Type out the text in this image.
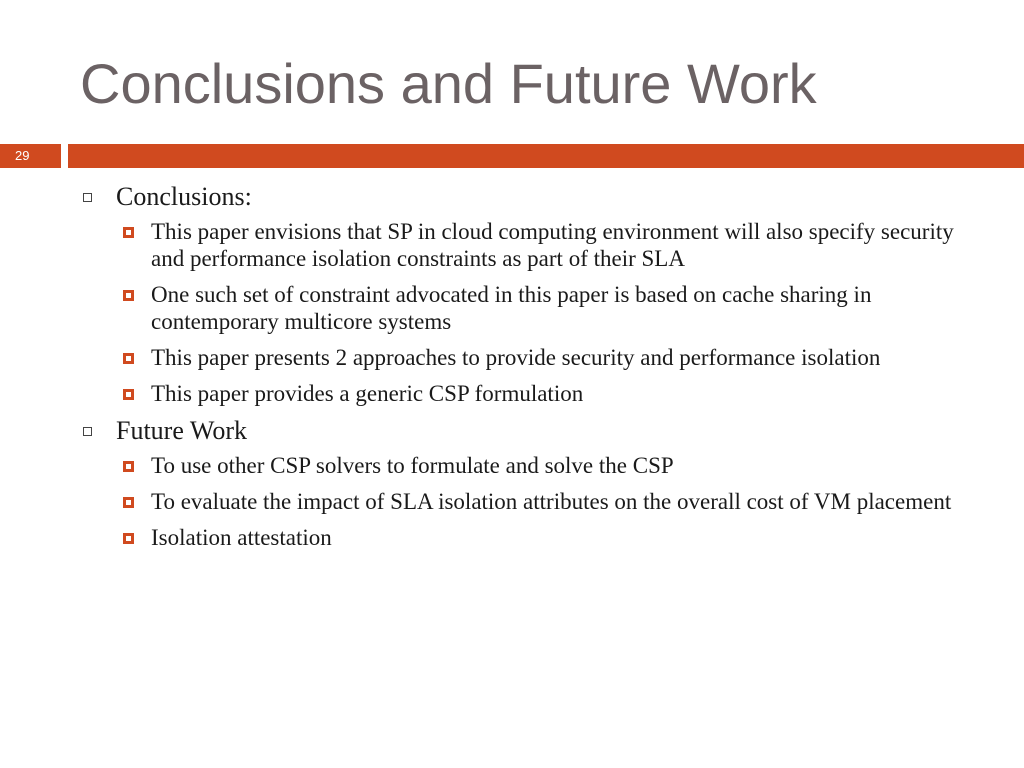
Conclusions and Future Work
29
Conclusions:
This paper envisions that SP in cloud computing environment will also specify security and performance isolation constraints as part of their SLA
One such set of constraint advocated in this paper is based on cache sharing in contemporary multicore systems
This paper presents 2 approaches to provide security and performance isolation
This paper provides a generic CSP formulation
Future Work
To use other CSP solvers to formulate and solve the CSP
To evaluate the impact of SLA isolation attributes on the overall cost of VM placement
Isolation attestation
